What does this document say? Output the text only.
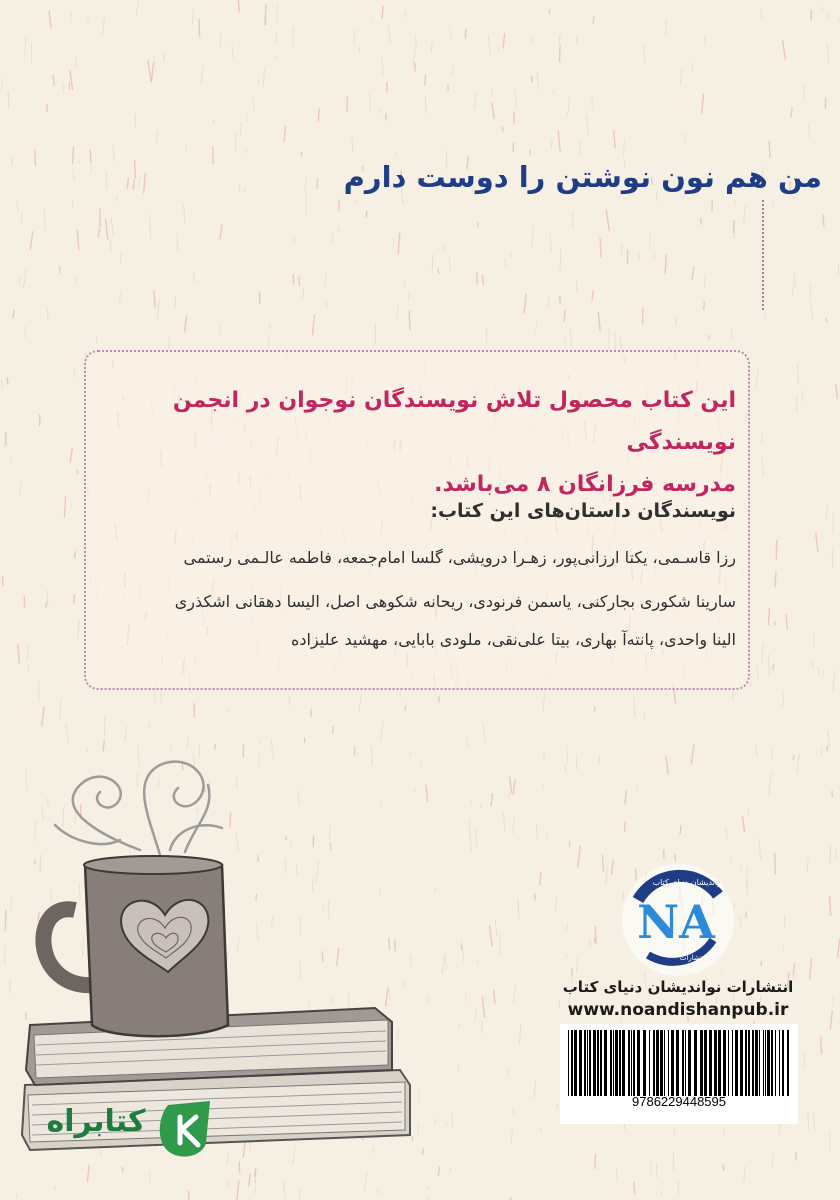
من هم نون نوشتن را دوست دارم
این کتاب محصول تلاش نویسندگان نوجوان در انجمن نویسندگی
مدرسه فرزانگان ۸ می‌باشد.
نویسندگان داستان‌های این کتاب:
رزا قاسـمی، یکتا ارزانی‌پور، زهـرا درویشی، گلسا امام‌جمعه، فاطمه عالـمی رستمی
سارینا شکوری بجارکنی، یاسمن فرنودی، ریحانه شکوهی اصل، الیسا دهقانی اشکذری
الینا واحدی، پانته‌آ بهاری، بیتا علی‌نقی، ملودی بابایی، مهشید علیزاده
NA
نواندیشان دنیای کتاب
انتشارات
انتشارات نواندیشان دنیای کتاب
www.noandishanpub.ir
9786229448595
کتابراه
